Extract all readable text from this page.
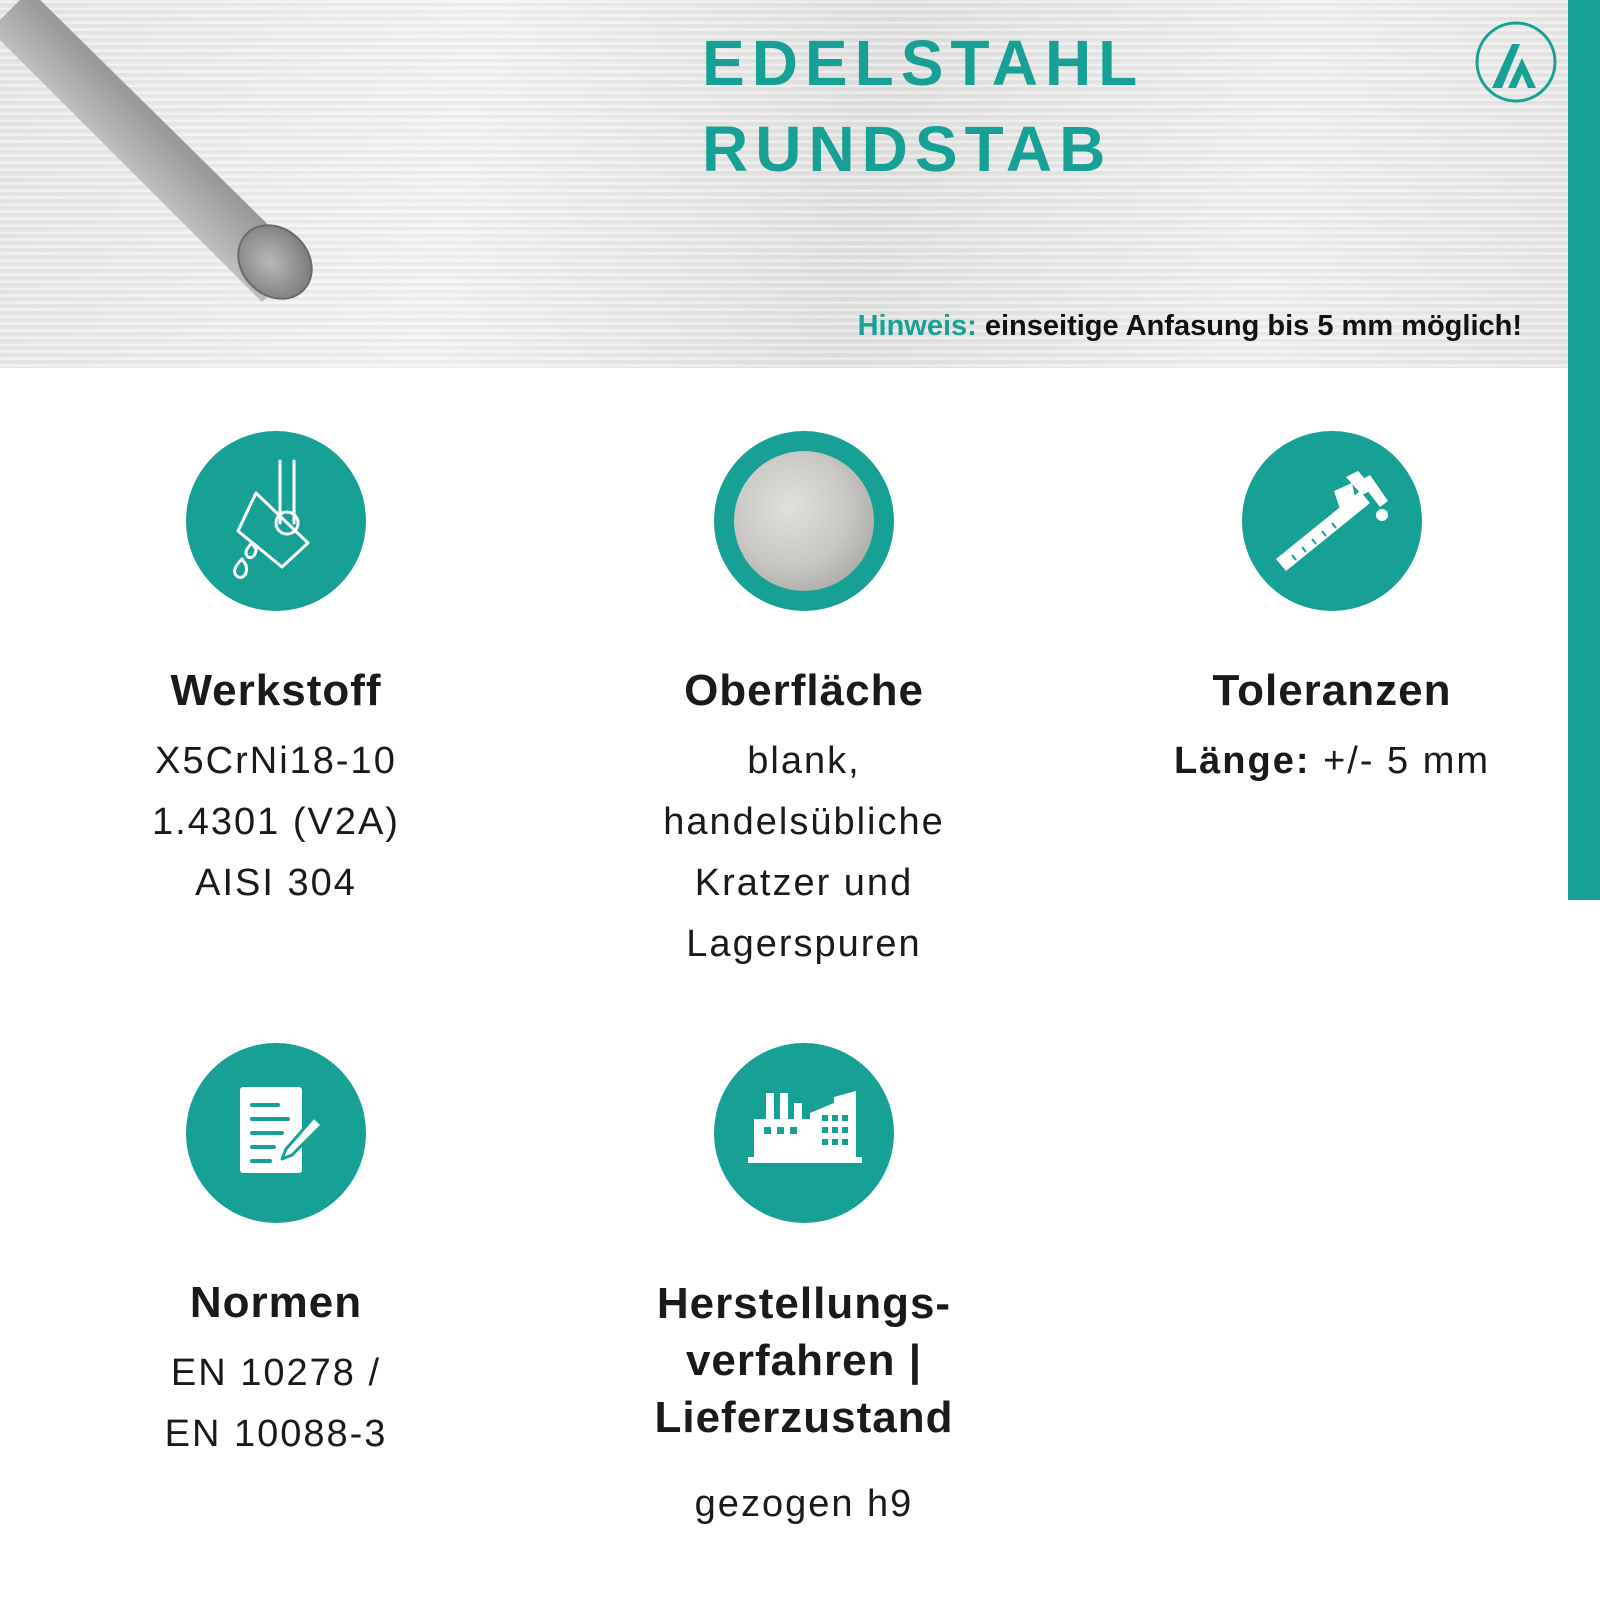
EDELSTAHL
RUNDSTAB
Hinweis: einseitige Anfasung bis 5 mm möglich!
Werkstoff
X5CrNi18-10
1.4301 (V2A)
AISI 304
Oberfläche
blank,
handelsübliche
Kratzer und
Lagerspuren
Toleranzen
Länge: +/- 5 mm
Normen
EN 10278 /
EN 10088-3
Herstellungs-
verfahren |
Lieferzustand
gezogen h9
